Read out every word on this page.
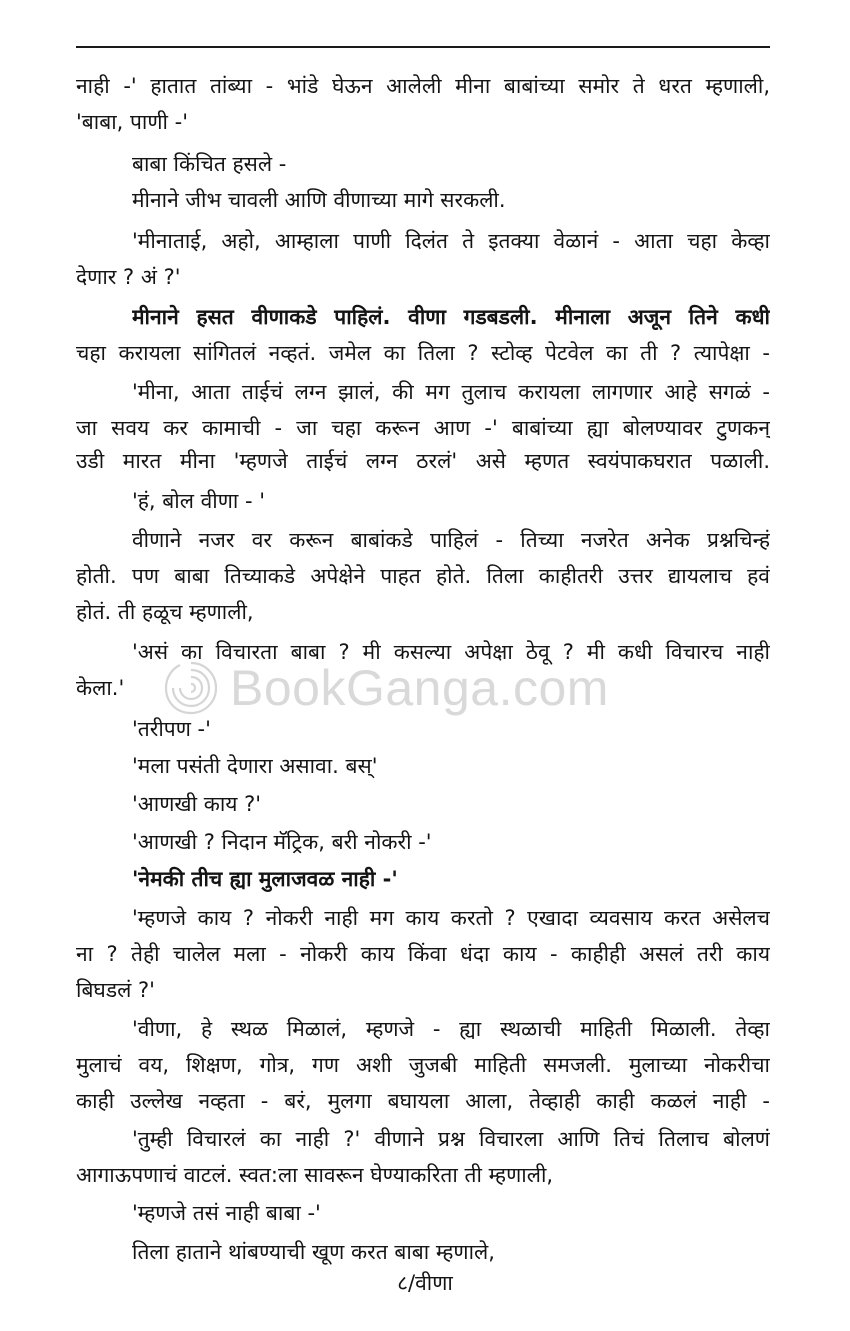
नाही -' हातात तांब्या - भांडे घेऊन आलेली मीना बाबांच्या समोर ते धरत म्हणाली,
'बाबा, पाणी -'
बाबा किंचित हसले -
मीनाने जीभ चावली आणि वीणाच्या मागे सरकली.
'मीनाताई, अहो, आम्हाला पाणी दिलंत ते इतक्या वेळानं - आता चहा केव्हा
देणार ? अं ?'
मीनाने हसत वीणाकडे पाहिलं. वीणा गडबडली. मीनाला अजून तिने कधी
चहा करायला सांगितलं नव्हतं. जमेल का तिला ? स्टोव्ह पेटवेल का ती ? त्यापेक्षा -
'मीना, आता ताईचं लग्न झालं, की मग तुलाच करायला लागणार आहे सगळं -
जा सवय कर कामाची - जा चहा करून आण -' बाबांच्या ह्या बोलण्यावर टुणकन्
उडी मारत मीना 'म्हणजे ताईचं लग्न ठरलं' असे म्हणत स्वयंपाकघरात पळाली.
'हं, बोल वीणा - '
वीणाने नजर वर करून बाबांकडे पाहिलं - तिच्या नजरेत अनेक प्रश्नचिन्हं
होती. पण बाबा तिच्याकडे अपेक्षेने पाहत होते. तिला काहीतरी उत्तर द्यायलाच हवं
होतं. ती हळूच म्हणाली,
'असं का विचारता बाबा ? मी कसल्या अपेक्षा ठेवू ? मी कधी विचारच नाही
केला.'
'तरीपण -'
'मला पसंती देणारा असावा. बस्'
'आणखी काय ?'
'आणखी ? निदान मॅट्रिक, बरी नोकरी -'
'नेमकी तीच ह्या मुलाजवळ नाही -'
'म्हणजे काय ? नोकरी नाही मग काय करतो ? एखादा व्यवसाय करत असेलच
ना ? तेही चालेल मला - नोकरी काय किंवा धंदा काय - काहीही असलं तरी काय
बिघडलं ?'
'वीणा, हे स्थळ मिळालं, म्हणजे - ह्या स्थळाची माहिती मिळाली. तेव्हा
मुलाचं वय, शिक्षण, गोत्र, गण अशी जुजबी माहिती समजली. मुलाच्या नोकरीचा
काही उल्लेख नव्हता - बरं, मुलगा बघायला आला, तेव्हाही काही कळलं नाही -
'तुम्ही विचारलं का नाही ?' वीणाने प्रश्न विचारला आणि तिचं तिलाच बोलणं
आगाऊपणाचं वाटलं. स्वत:ला सावरून घेण्याकरिता ती म्हणाली,
'म्हणजे तसं नाही बाबा -'
तिला हाताने थांबण्याची खूण करत बाबा म्हणाले,
BookGanga.com
८/वीणा
